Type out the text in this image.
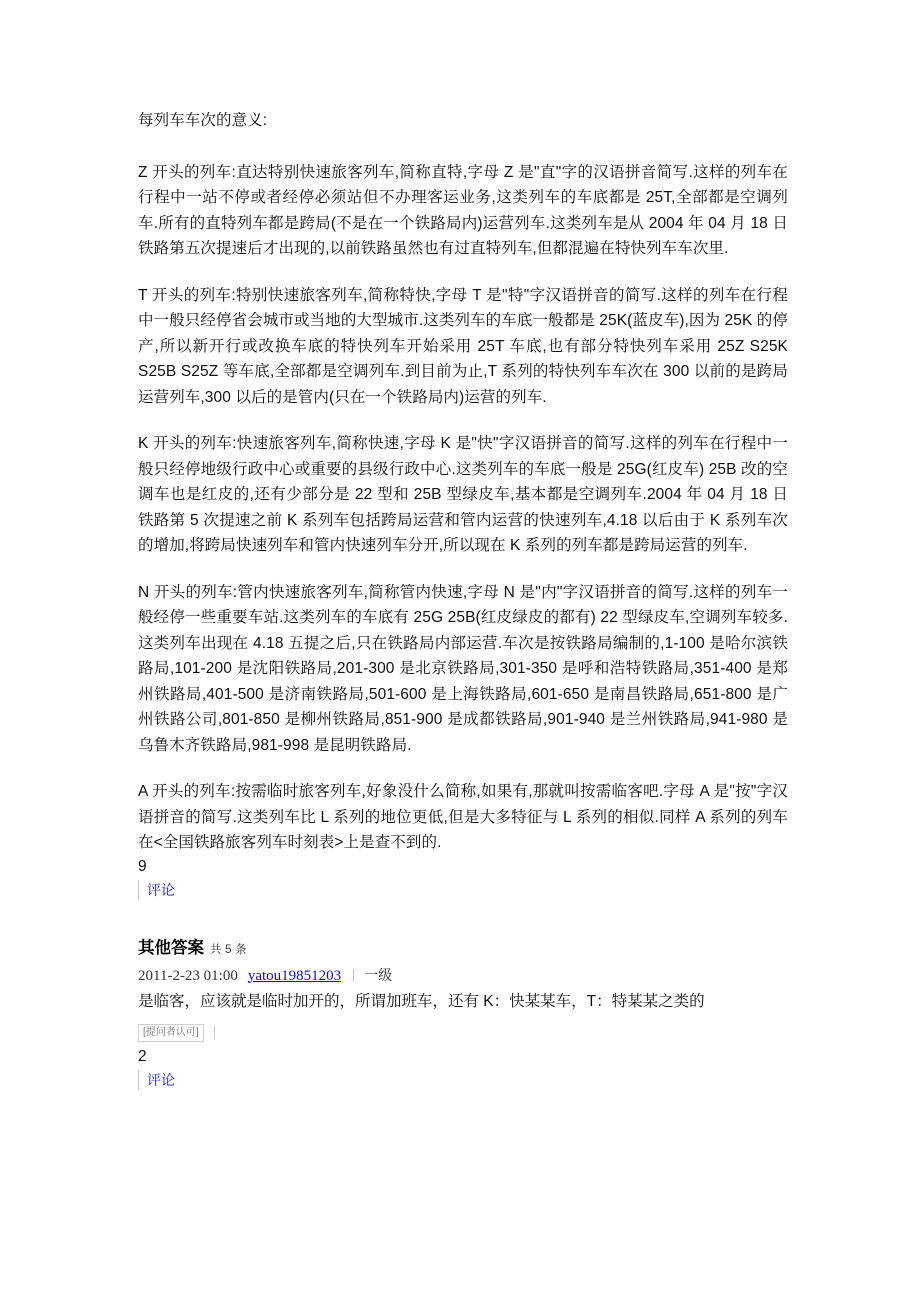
每列车车次的意义:

Z 开头的列车:直达特别快速旅客列车,简称直特,字母 Z 是"直"字的汉语拼音简写.这样的列车在行程中一站不停或者经停必须站但不办理客运业务,这类列车的车底都是 25T,全部都是空调列车.所有的直特列车都是跨局(不是在一个铁路局内)运营列车.这类列车是从 2004 年 04 月 18 日铁路第五次提速后才出现的,以前铁路虽然也有过直特列车,但都混遍在特快列车车次里.

T 开头的列车:特别快速旅客列车,简称特快,字母 T 是"特"字汉语拼音的简写.这样的列车在行程中一般只经停省会城市或当地的大型城市.这类列车的车底一般都是 25K(蓝皮车),因为 25K 的停产,所以新开行或改换车底的特快列车开始采用 25T 车底,也有部分特快列车采用 25Z S25K S25B S25Z 等车底,全部都是空调列车.到目前为止,T 系列的特快列车车次在 300 以前的是跨局运营列车,300 以后的是管内(只在一个铁路局内)运营的列车.

K 开头的列车:快速旅客列车,简称快速,字母 K 是"快"字汉语拼音的简写.这样的列车在行程中一般只经停地级行政中心或重要的县级行政中心.这类列车的车底一般是 25G(红皮车) 25B 改的空调车也是红皮的,还有少部分是 22 型和 25B 型绿皮车,基本都是空调列车.2004 年 04 月 18 日铁路第 5 次提速之前 K 系列车包括跨局运营和管内运营的快速列车,4.18 以后由于 K 系列车次的增加,将跨局快速列车和管内快速列车分开,所以现在 K 系列的列车都是跨局运营的列车.

N 开头的列车:管内快速旅客列车,简称管内快速,字母 N 是"内"字汉语拼音的简写.这样的列车一般经停一些重要车站.这类列车的车底有 25G 25B(红皮绿皮的都有) 22 型绿皮车,空调列车较多.这类列车出现在 4.18 五提之后,只在铁路局内部运营.车次是按铁路局编制的,1-100 是哈尔滨铁路局,101-200 是沈阳铁路局,201-300 是北京铁路局,301-350 是呼和浩特铁路局,351-400 是郑州铁路局,401-500 是济南铁路局,501-600 是上海铁路局,601-650 是南昌铁路局,651-800 是广州铁路公司,801-850 是柳州铁路局,851-900 是成都铁路局,901-940 是兰州铁路局,941-980 是乌鲁木齐铁路局,981-998 是昆明铁路局.

A 开头的列车:按需临时旅客列车,好象没什么简称,如果有,那就叫按需临客吧.字母 A 是"按"字汉语拼音的简写.这类列车比 L 系列的地位更低,但是大多特征与 L 系列的相似.同样 A 系列的列车在<全国铁路旅客列车时刻表>上是查不到的.

9

评论
其他答案 共 5 条
2011-2-23 01:00 yatou19851203 一级

是临客，应该就是临时加开的，所谓加班车，还有 K：快某某车，T：特某某之类的

[提问者认可]

2

评论
